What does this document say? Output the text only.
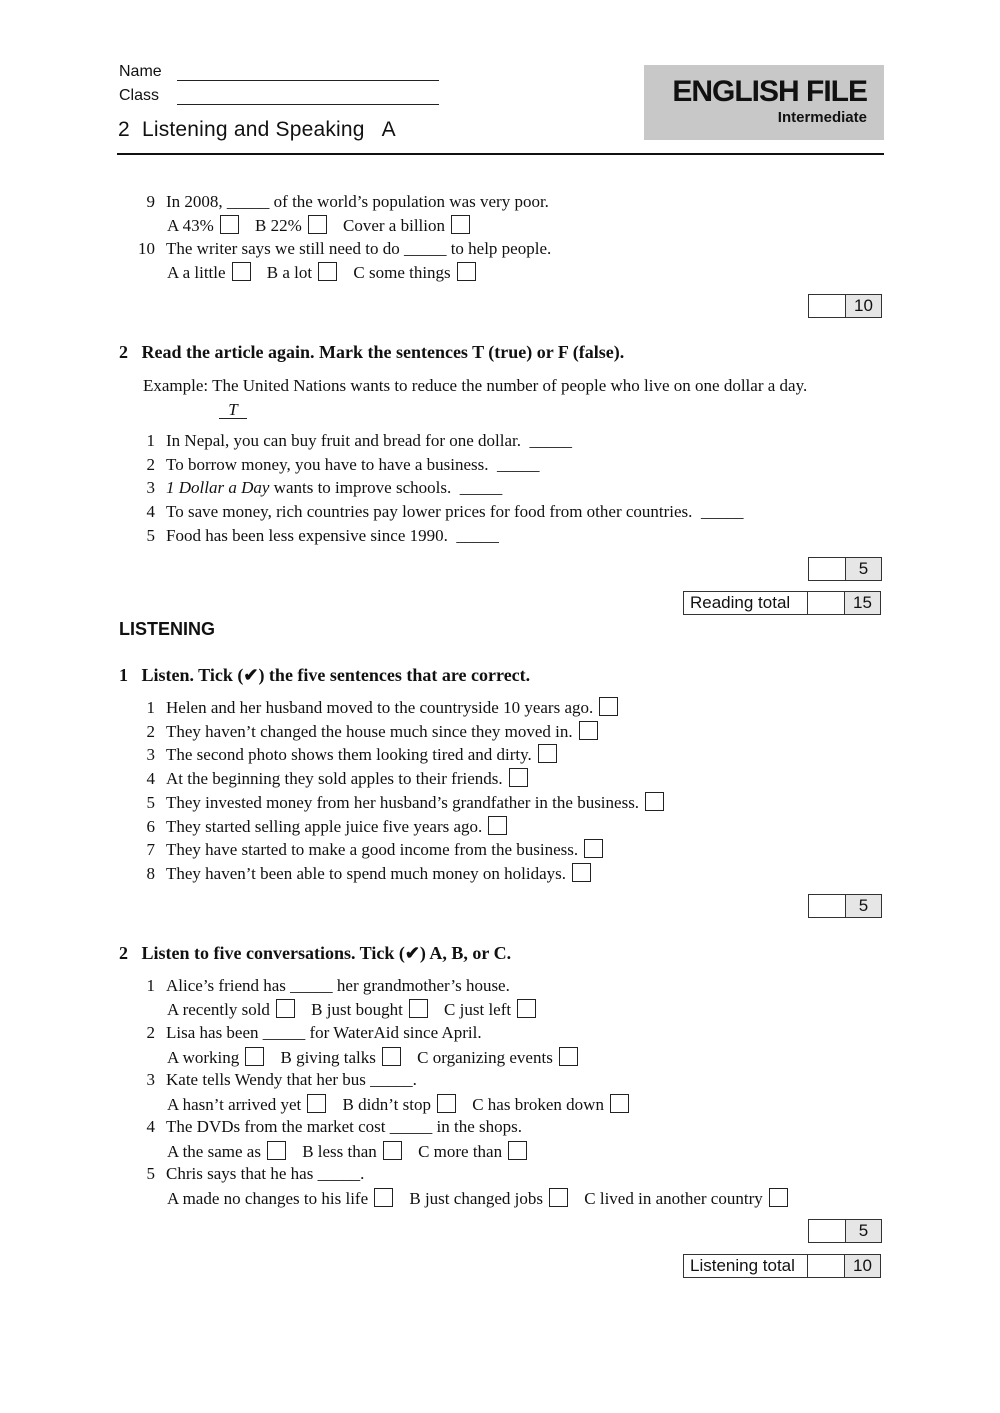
Name
Class
2  Listening and Speaking   A
ENGLISH FILE
Intermediate
9 In 2008, _____ of the world’s population was very poor.
A 43% B 22% Cover a billion
10 The writer says we still need to do _____ to help people.
A a little B a lot C some things
10
2   Read the article again. Mark the sentences T (true) or F (false).
Example: The United Nations wants to reduce the number of people who live on one dollar a day.
T
1 In Nepal, you can buy fruit and bread for one dollar. _____
2 To borrow money, you have to have a business. _____
3 1 Dollar a Day wants to improve schools. _____
4 To save money, rich countries pay lower prices for food from other countries. _____
5 Food has been less expensive since 1990. _____
5
Reading total	15
LISTENING
1   Listen. Tick (✔) the five sentences that are correct.
1 Helen and her husband moved to the countryside 10 years ago.
2 They haven’t changed the house much since they moved in.
3 The second photo shows them looking tired and dirty.
4 At the beginning they sold apples to their friends.
5 They invested money from her husband’s grandfather in the business.
6 They started selling apple juice five years ago.
7 They have started to make a good income from the business.
8 They haven’t been able to spend much money on holidays.
5
2   Listen to five conversations. Tick (✔) A, B, or C.
1 Alice’s friend has _____ her grandmother’s house.
A recently sold B just bought C just left
2 Lisa has been _____ for WaterAid since April.
A working B giving talks C organizing events
3 Kate tells Wendy that her bus _____.
A hasn’t arrived yet B didn’t stop C has broken down
4 The DVDs from the market cost _____ in the shops.
A the same as B less than C more than
5 Chris says that he has _____.
A made no changes to his life B just changed jobs C lived in another country
5
Listening total	10
